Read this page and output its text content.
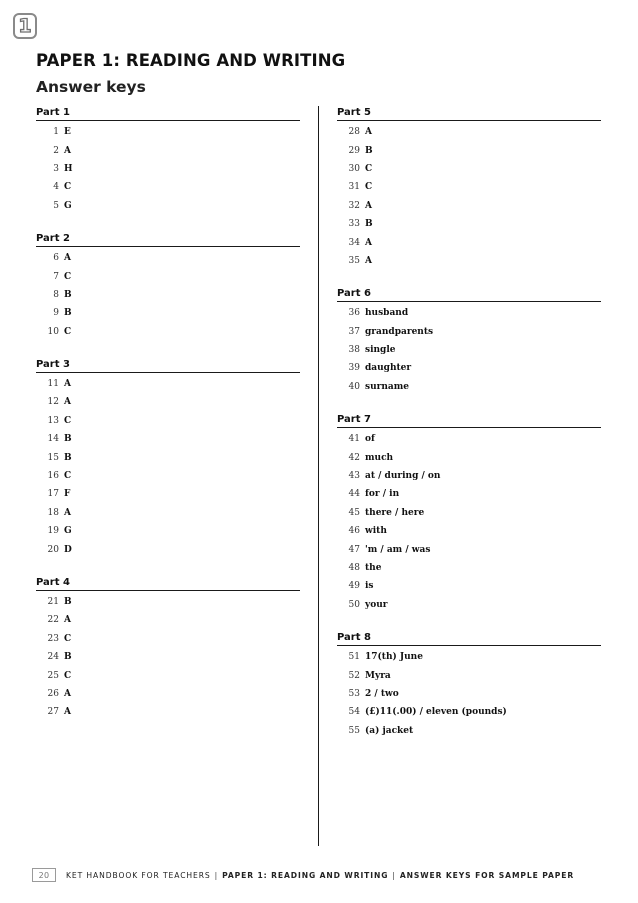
1
PAPER 1: READING AND WRITING
Answer keys
Part 1
1 E
2 A
3 H
4 C
5 G
Part 2
6 A
7 C
8 B
9 B
10 C
Part 3
11 A
12 A
13 C
14 B
15 B
16 C
17 F
18 A
19 G
20 D
Part 4
21 B
22 A
23 C
24 B
25 C
26 A
27 A
Part 5
28 A
29 B
30 C
31 C
32 A
33 B
34 A
35 A
Part 6
36 husband
37 grandparents
38 single
39 daughter
40 surname
Part 7
41 of
42 much
43 at / during / on
44 for / in
45 there / here
46 with
47 'm / am / was
48 the
49 is
50 your
Part 8
51 17(th) June
52 Myra
53 2 / two
54 (£)11(.00) / eleven (pounds)
55 (a) jacket
20	KET HANDBOOK FOR TEACHERS | PAPER 1: READING AND WRITING | ANSWER KEYS FOR SAMPLE PAPER
